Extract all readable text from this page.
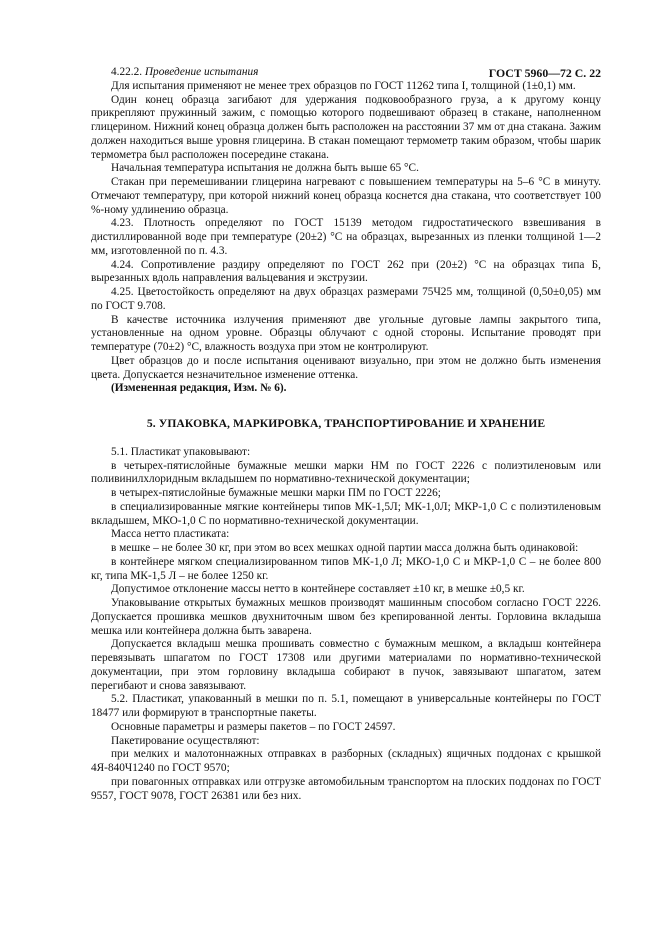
ГОСТ 5960—72 С. 22

4.22.2. Проведение испытания

Для испытания применяют не менее трех образцов по ГОСТ 11262 типа I, толщиной (1±0,1) мм.

Один конец образца загибают для удержания подковообразного груза, а к другому концу прикрепляют пружинный зажим, с помощью которого подвешивают образец в стакане, наполненном глицерином. Нижний конец образца должен быть расположен на расстоянии 37 мм от дна стакана. Зажим должен находиться выше уровня глицерина. В стакан помещают термометр таким образом, чтобы шарик термометра был расположен посередине стакана.

Начальная температура испытания не должна быть выше 65 °С.

Стакан при перемешивании глицерина нагревают с повышением температуры на 5–6 °С в минуту. Отмечают температуру, при которой нижний конец образца коснется дна стакана, что соответствует 100 %-ному удлинению образца.

4.23. Плотность определяют по ГОСТ 15139 методом гидростатического взвешивания в дистиллированной воде при температуре (20±2) °С на образцах, вырезанных из пленки толщиной 1—2 мм, изготовленной по п. 4.3.

4.24. Сопротивление раздиру определяют по ГОСТ 262 при (20±2) °С на образцах типа Б, вырезанных вдоль направления вальцевания и экструзии.

4.25. Цветостойкость определяют на двух образцах размерами 75Ч25 мм, толщиной (0,50±0,05) мм по ГОСТ 9.708.

В качестве источника излучения применяют две угольные дуговые лампы закрытого типа, установленные на одном уровне. Образцы облучают с одной стороны. Испытание проводят при температуре (70±2) °С, влажность воздуха при этом не контролируют.

Цвет образцов до и после испытания оценивают визуально, при этом не должно быть изменения цвета. Допускается незначительное изменение оттенка.

(Измененная редакция, Изм. № 6).

5. УПАКОВКА, МАРКИРОВКА, ТРАНСПОРТИРОВАНИЕ И ХРАНЕНИЕ

5.1. Пластикат упаковывают:

в четырех-пятислойные бумажные мешки марки НМ по ГОСТ 2226 с полиэтиленовым или поливинилхлоридным вкладышем по нормативно-технической документации;

в четырех-пятислойные бумажные мешки марки ПМ по ГОСТ 2226;

в специализированные мягкие контейнеры типов МК-1,5Л; МК-1,0Л; МКР-1,0 С с полиэтиленовым вкладышем, МКО-1,0 С по нормативно-технической документации.

Масса нетто пластиката:

в мешке – не более 30 кг, при этом во всех мешках одной партии масса должна быть одинаковой:

в контейнере мягком специализированном типов МК-1,0 Л; МКО-1,0 С и МКР-1,0 С – не более 800 кг, типа МК-1,5 Л – не более 1250 кг.

Допустимое отклонение массы нетто в контейнере составляет ±10 кг, в мешке ±0,5 кг.

Упаковывание открытых бумажных мешков производят машинным способом согласно ГОСТ 2226. Допускается прошивка мешков двухниточным швом без крепированной ленты. Горловина вкладыша мешка или контейнера должна быть заварена.

Допускается вкладыш мешка прошивать совместно с бумажным мешком, а вкладыш контейнера перевязывать шпагатом по ГОСТ 17308 или другими материалами по нормативно-технической документации, при этом горловину вкладыша собирают в пучок, завязывают шпагатом, затем перегибают и снова завязывают.

5.2. Пластикат, упакованный в мешки по п. 5.1, помещают в универсальные контейнеры по ГОСТ 18477 или формируют в транспортные пакеты.

Основные параметры и размеры пакетов – по ГОСТ 24597.

Пакетирование осуществляют:

при мелких и малотоннажных отправках в разборных (складных) ящичных поддонах с крышкой 4Я-840Ч1240 по ГОСТ 9570;

при повагонных отправках или отгрузке автомобильным транспортом на плоских поддонах по ГОСТ 9557, ГОСТ 9078, ГОСТ 26381 или без них.
